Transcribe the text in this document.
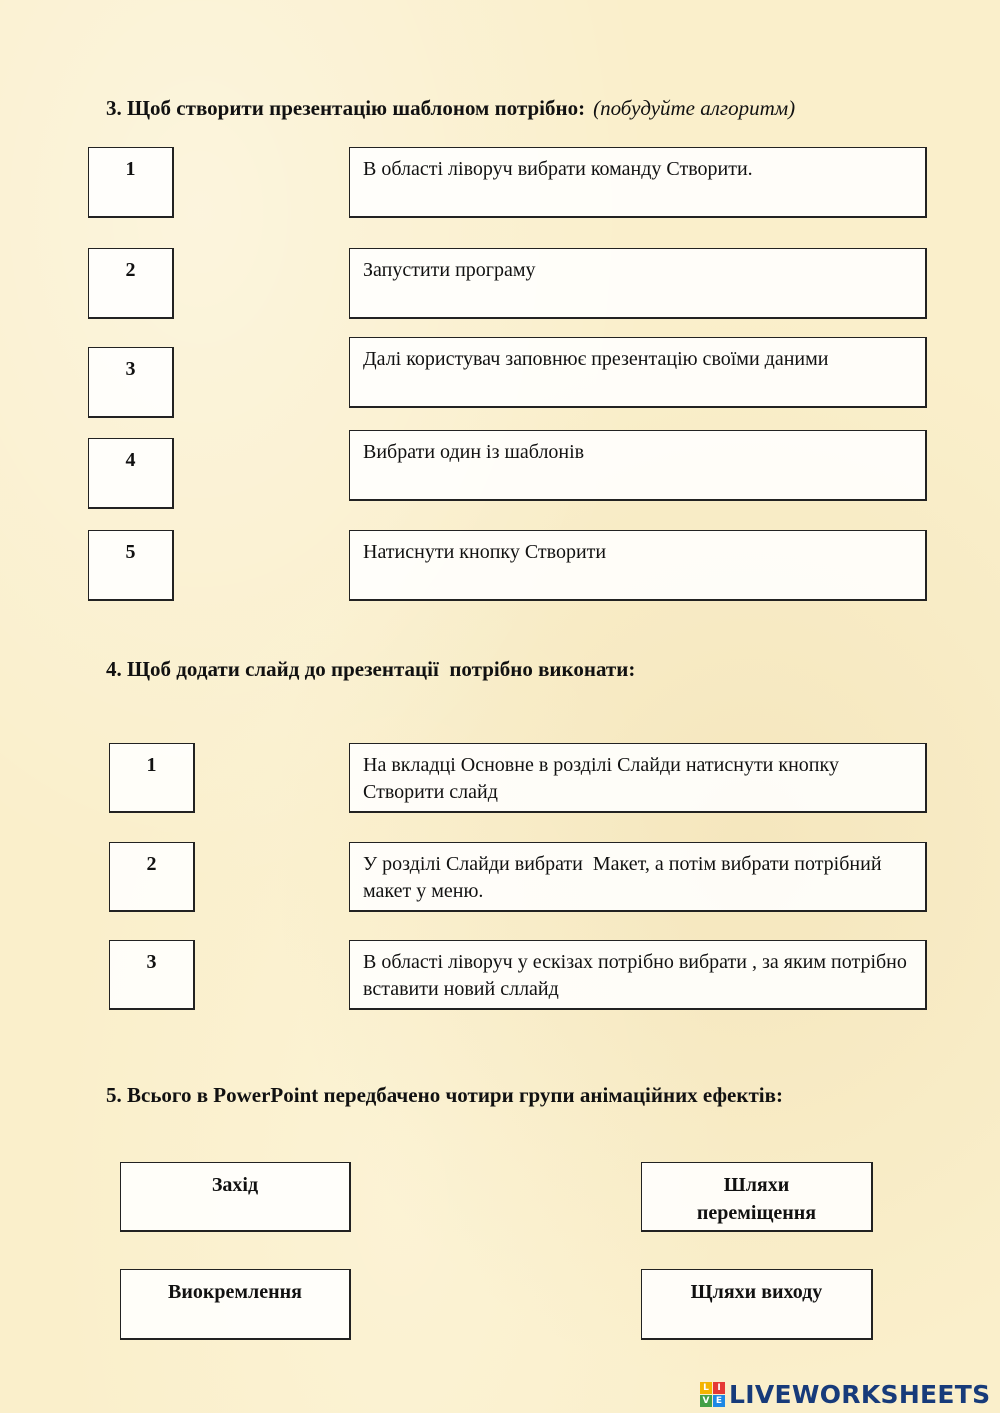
3. Щоб створити презентацію шаблоном потрібно: (побудуйте алгоритм)
1
2
3
4
5
В області ліворуч вибрати команду Створити.
Запустити програму
Далі користувач заповнює презентацію своїми даними
Вибрати один із шаблонів
Натиснути кнопку Створити
4. Щоб додати слайд до презентації  потрібно виконати:
1
2
3
На вкладці Основне в розділі Слайди натиснути кнопку Створити слайд
У розділі Слайди вибрати  Макет, а потім вибрати потрібний макет у меню.
В області ліворуч у ескізах потрібно вибрати , за яким потрібно вставити новий сллайд
5. Всього в PowerPoint передбачено чотири групи анімаційних ефектів:
Захід	Шляхи переміщення
Виокремлення	Щляхи виходу
L I
V E LIVEWORKSHEETS
